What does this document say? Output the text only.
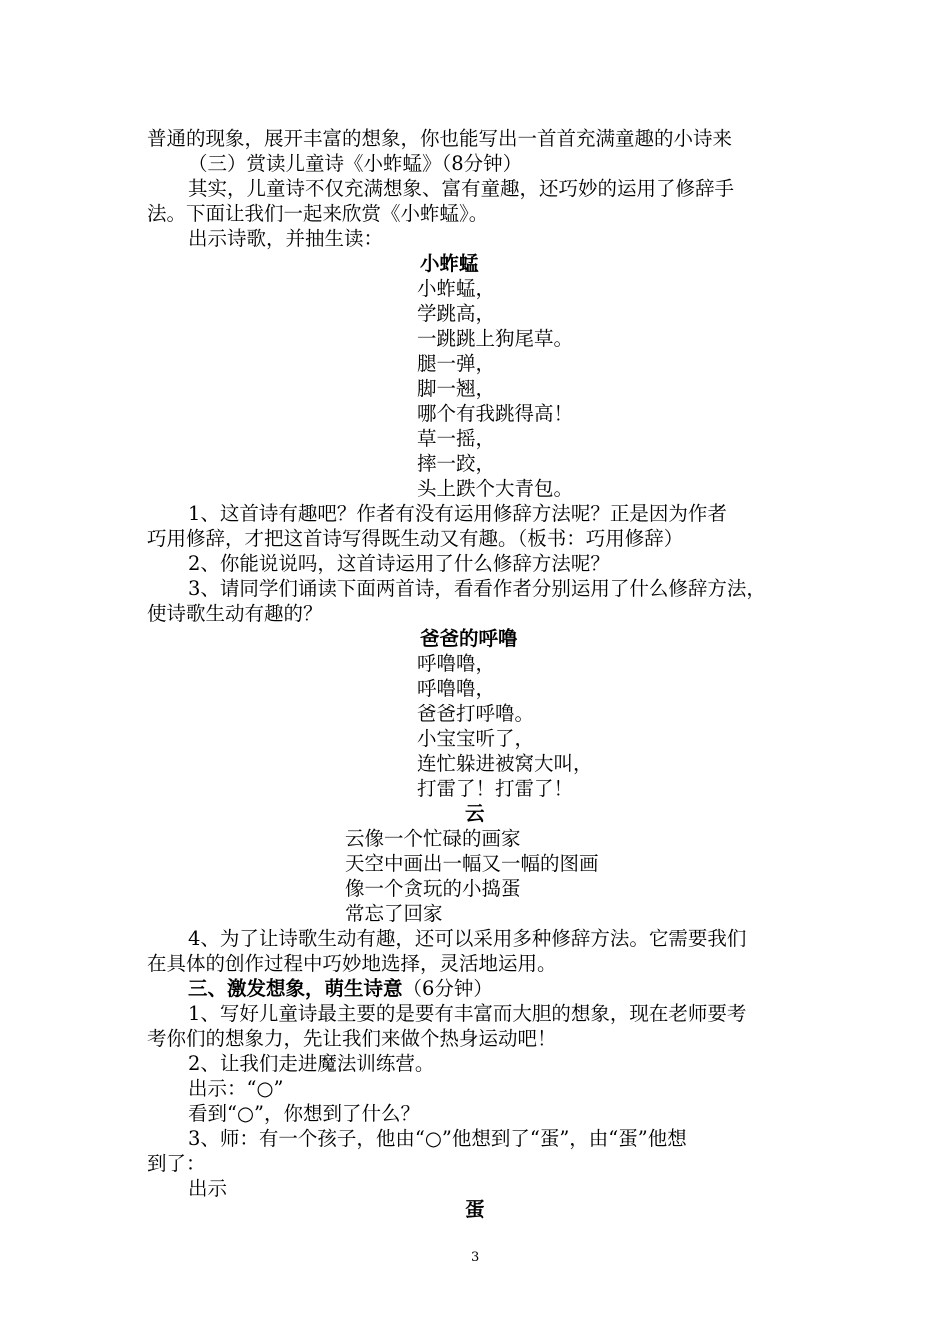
普通的现象，展开丰富的想象，你也能写出一首首充满童趣的小诗来
（三）赏读儿童诗《小蚱蜢》（8分钟）
其实，儿童诗不仅充满想象、富有童趣，还巧妙的运用了修辞手
法。下面让我们一起来欣赏《小蚱蜢》。
出示诗歌，并抽生读：
小蚱蜢
小蚱蜢，
学跳高，
一跳跳上狗尾草。
腿一弹，
脚一翘，
哪个有我跳得高！
草一摇，
摔一跤，
头上跌个大青包。
1、这首诗有趣吧？作者有没有运用修辞方法呢？正是因为作者
巧用修辞，才把这首诗写得既生动又有趣。（板书：巧用修辞）
2、你能说说吗，这首诗运用了什么修辞方法呢？
3、请同学们诵读下面两首诗，看看作者分别运用了什么修辞方法，
使诗歌生动有趣的？
爸爸的呼噜
呼噜噜，
呼噜噜，
爸爸打呼噜。
小宝宝听了，
连忙躲进被窝大叫，
打雷了！打雷了！
云
云像一个忙碌的画家
天空中画出一幅又一幅的图画
像一个贪玩的小捣蛋
常忘了回家
4、为了让诗歌生动有趣，还可以采用多种修辞方法。它需要我们
在具体的创作过程中巧妙地选择，灵活地运用。
三、激发想象，萌生诗意（6分钟）
1、写好儿童诗最主要的是要有丰富而大胆的想象，现在老师要考
考你们的想象力，先让我们来做个热身运动吧！
2、让我们走进魔法训练营。
出示：“○”
看到“○”，你想到了什么？
3、师：有一个孩子，他由“○”他想到了“蛋”，由“蛋”他想
到了：
出示
蛋
3
